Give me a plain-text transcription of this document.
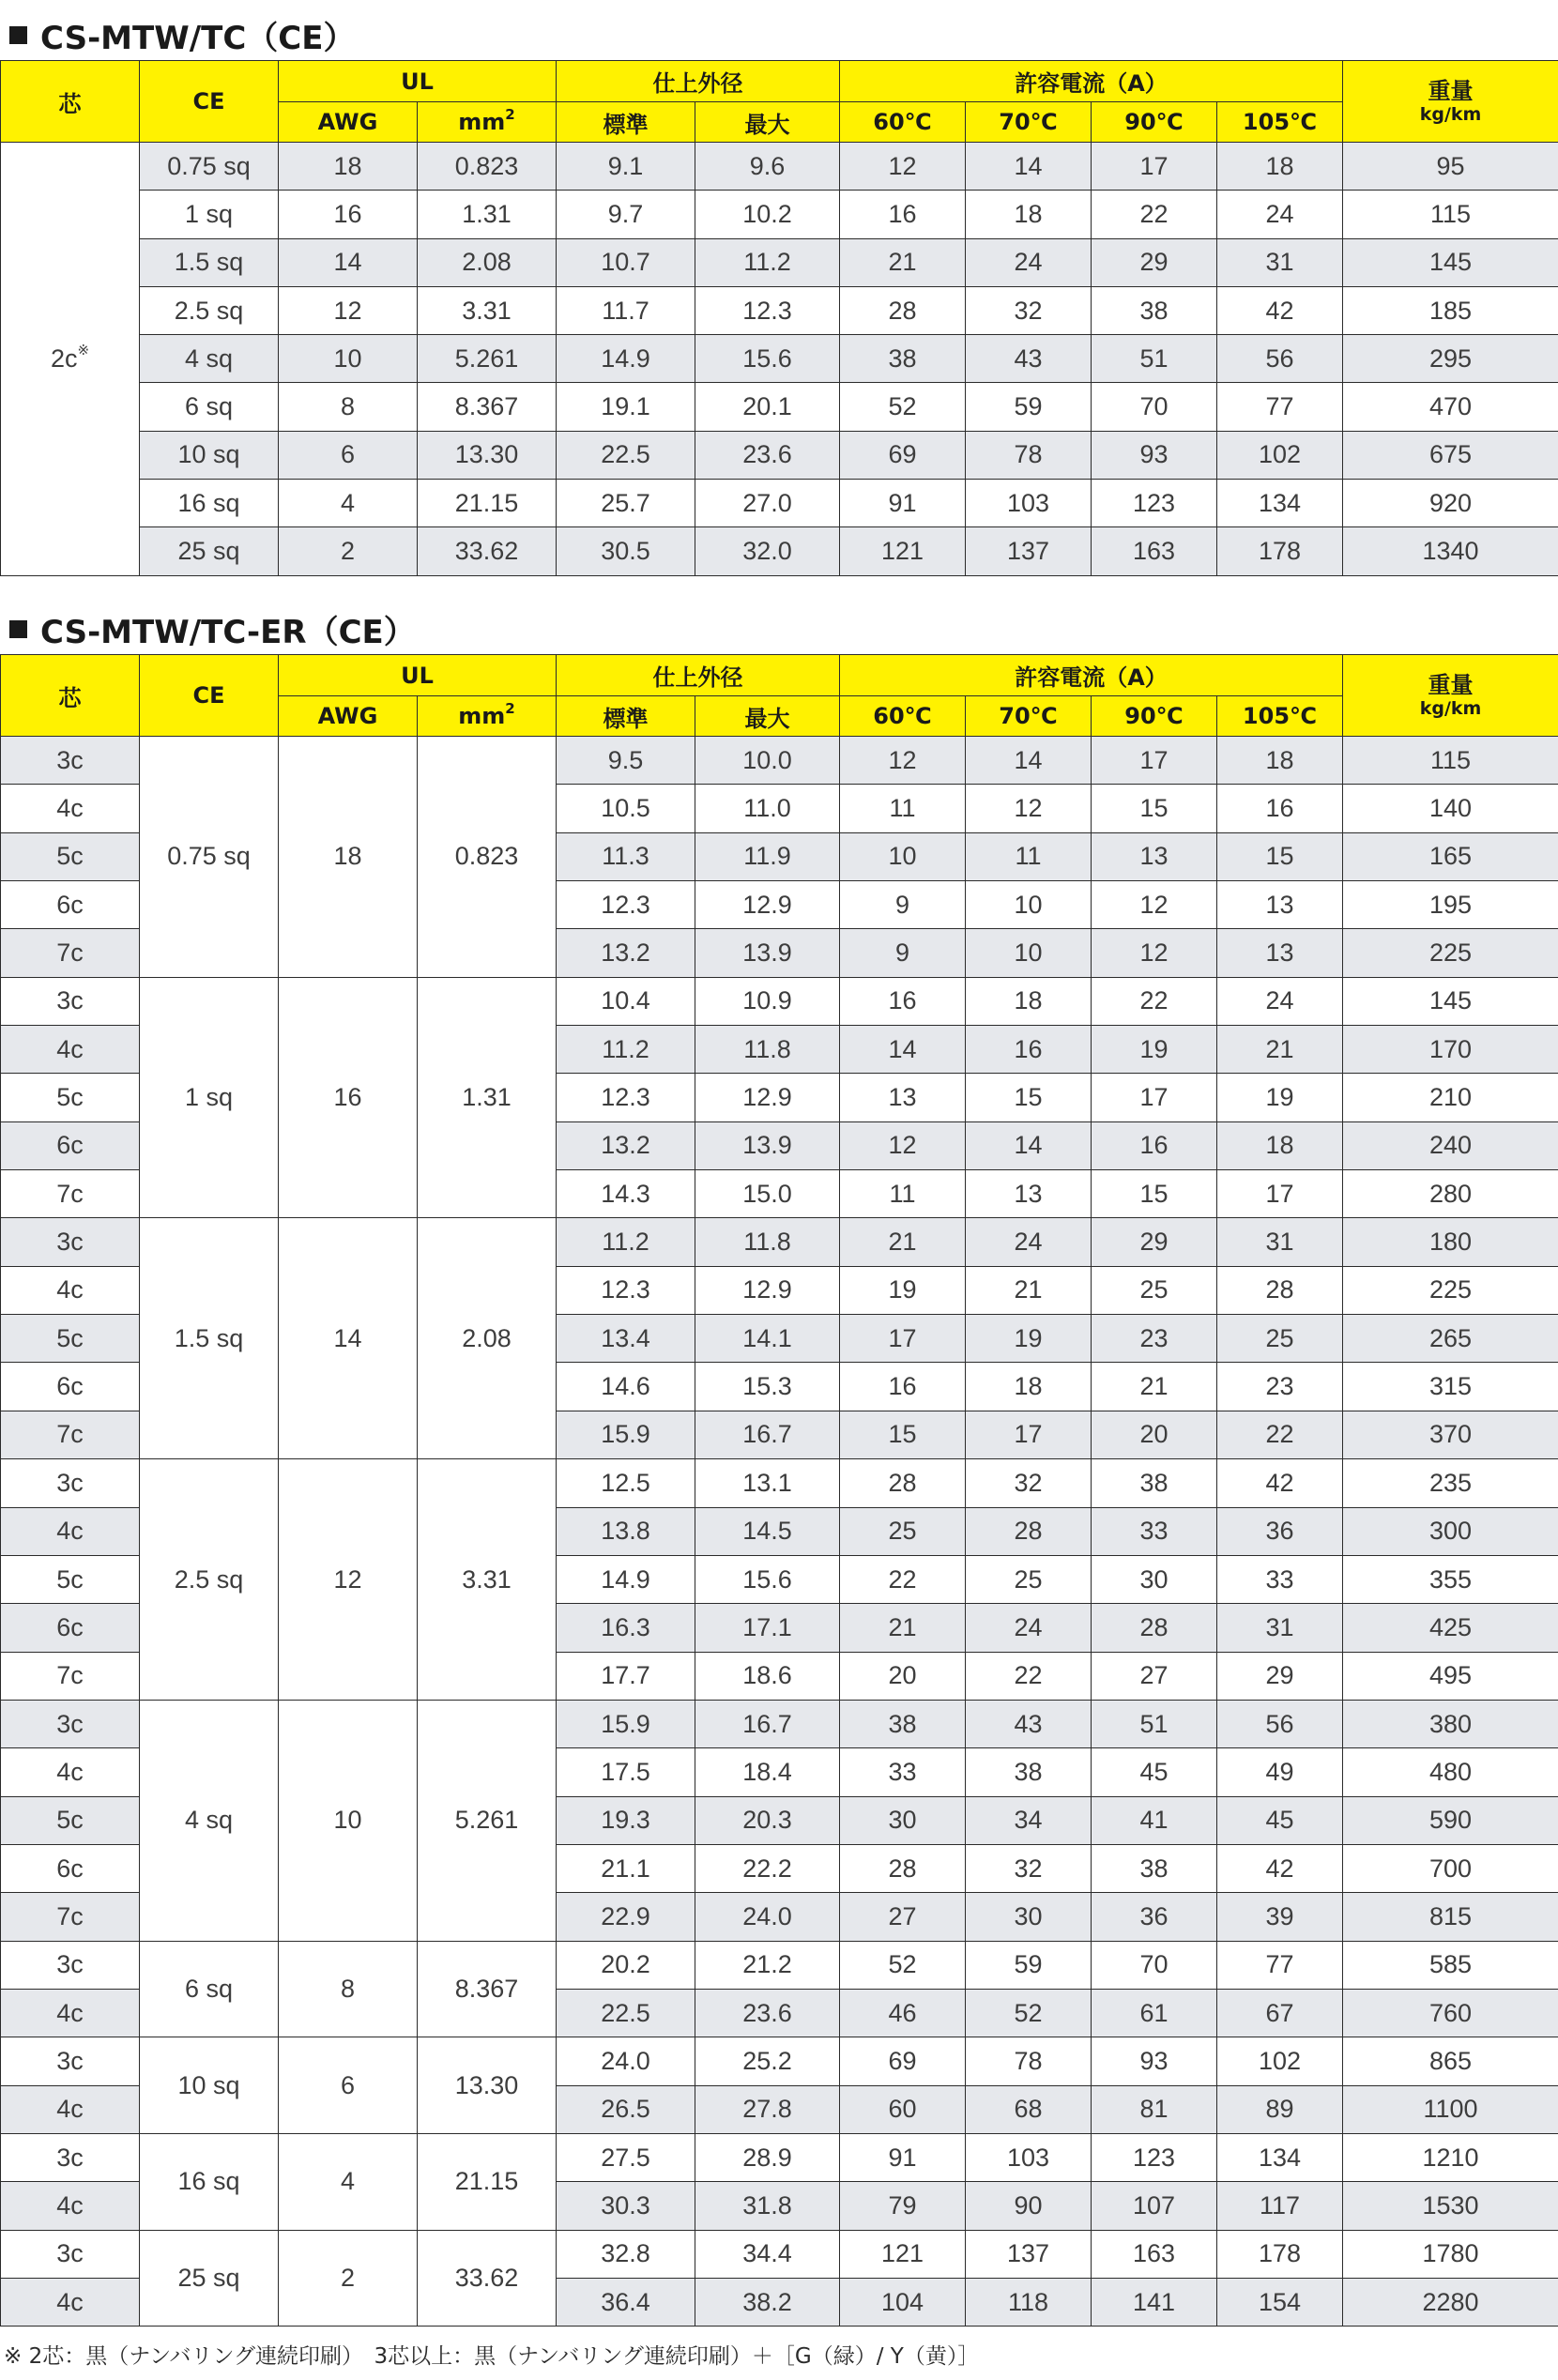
CS-MTW/TC（CE）
芯	CE	UL		仕上外径		許容電流（A）				重量
kg/km

		AWG	$mm^2$	標準	最大	60℃	70℃	90℃	105℃	
2c※	0.75 sq	18	0.823	9.1	9.6	12	14	17	18	95
	1 sq	16	1.31	9.7	10.2	16	18	22	24	115
	1.5 sq	14	2.08	10.7	11.2	21	24	29	31	145
	2.5 sq	12	3.31	11.7	12.3	28	32	38	42	185
	4 sq	10	5.261	14.9	15.6	38	43	51	56	295
	6 sq	8	8.367	19.1	20.1	52	59	70	77	470
	10 sq	6	13.30	22.5	23.6	69	78	93	102	675
	16 sq	4	21.15	25.7	27.0	91	103	123	134	920
	25 sq	2	33.62	30.5	32.0	121	137	163	178	1340
CS-MTW/TC-ER（CE）
芯	CE	UL		仕上外径		許容電流（A）				重量
kg/km

		AWG	$mm^2$	標準	最大	60℃	70℃	90℃	105℃	
3c	0.75 sq	18	0.823	9.5	10.0	12	14	17	18	115
4c				10.5	11.0	11	12	15	16	140
5c				11.3	11.9	10	11	13	15	165
6c				12.3	12.9	9	10	12	13	195
7c				13.2	13.9	9	10	12	13	225
3c	1 sq	16	1.31	10.4	10.9	16	18	22	24	145
4c				11.2	11.8	14	16	19	21	170
5c				12.3	12.9	13	15	17	19	210
6c				13.2	13.9	12	14	16	18	240
7c				14.3	15.0	11	13	15	17	280
3c	1.5 sq	14	2.08	11.2	11.8	21	24	29	31	180
4c				12.3	12.9	19	21	25	28	225
5c				13.4	14.1	17	19	23	25	265
6c				14.6	15.3	16	18	21	23	315
7c				15.9	16.7	15	17	20	22	370
3c	2.5 sq	12	3.31	12.5	13.1	28	32	38	42	235
4c				13.8	14.5	25	28	33	36	300
5c				14.9	15.6	22	25	30	33	355
6c				16.3	17.1	21	24	28	31	425
7c				17.7	18.6	20	22	27	29	495
3c	4 sq	10	5.261	15.9	16.7	38	43	51	56	380
4c				17.5	18.4	33	38	45	49	480
5c				19.3	20.3	30	34	41	45	590
6c				21.1	22.2	28	32	38	42	700
7c				22.9	24.0	27	30	36	39	815
3c	6 sq	8	8.367	20.2	21.2	52	59	70	77	585
4c				22.5	23.6	46	52	61	67	760
3c	10 sq	6	13.30	24.0	25.2	69	78	93	102	865
4c				26.5	27.8	60	68	81	89	1100
3c	16 sq	4	21.15	27.5	28.9	91	103	123	134	1210
4c				30.3	31.8	79	90	107	117	1530
3c	25 sq	2	33.62	32.8	34.4	121	137	163	178	1780
4c				36.4	38.2	104	118	141	154	2280
※ 2芯：黒（ナンバリング連続印刷）　3芯以上：黒（ナンバリング連続印刷）＋［G（緑）/ Y（黄）］
